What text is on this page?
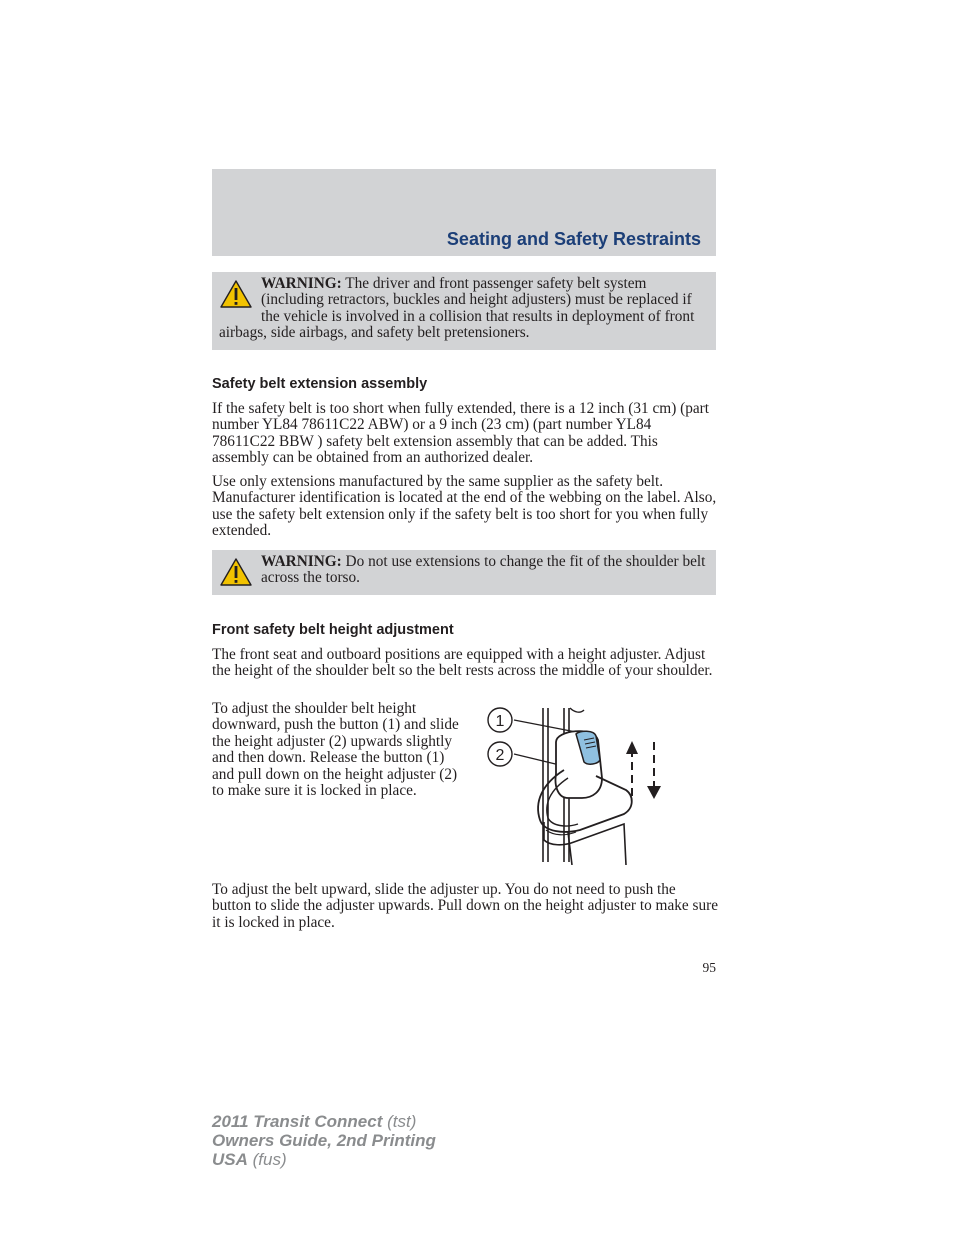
Seating and Safety Restraints
WARNING: The driver and front passenger safety belt system (including retractors, buckles and height adjusters) must be replaced if the vehicle is involved in a collision that results in deployment of front airbags, side airbags, and safety belt pretensioners.
Safety belt extension assembly
If the safety belt is too short when fully extended, there is a 12 inch (31 cm) (part number YL84 78611C22 ABW) or a 9 inch (23 cm) (part number YL84 78611C22 BBW ) safety belt extension assembly that can be added. This assembly can be obtained from an authorized dealer.
Use only extensions manufactured by the same supplier as the safety belt. Manufacturer identification is located at the end of the webbing on the label. Also, use the safety belt extension only if the safety belt is too short for you when fully extended.
WARNING: Do not use extensions to change the fit of the shoulder belt across the torso.
Front safety belt height adjustment
The front seat and outboard positions are equipped with a height adjuster. Adjust the height of the shoulder belt so the belt rests across the middle of your shoulder.
To adjust the shoulder belt height downward, push the button (1) and slide the height adjuster (2) upwards slightly and then down. Release the button (1) and pull down on the height adjuster (2) to make sure it is locked in place.
1
2
To adjust the belt upward, slide the adjuster up. You do not need to push the button to slide the adjuster upwards. Pull down on the height adjuster to make sure it is locked in place.
95
2011 Transit Connect (tst)
Owners Guide, 2nd Printing
USA (fus)
